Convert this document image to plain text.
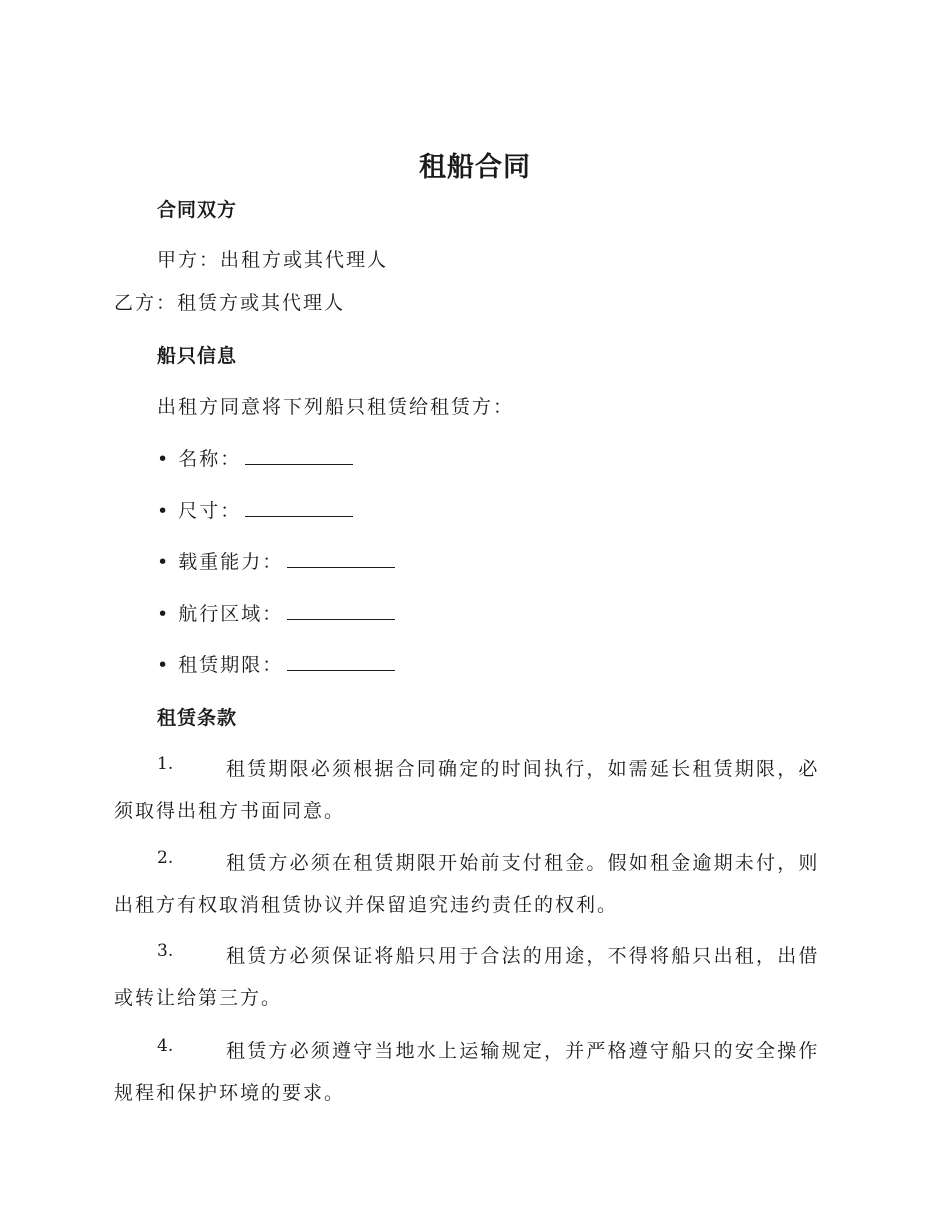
租船合同
合同双方
甲方：出租方或其代理人
乙方：租赁方或其代理人
船只信息
出租方同意将下列船只租赁给租赁方：
• 名称：
• 尺寸：
• 载重能力：
• 航行区域：
• 租赁期限：
租赁条款
1.	租赁期限必须根据合同确定的时间执行，如需延长租赁期限，必
须取得出租方书面同意。
2.	租赁方必须在租赁期限开始前支付租金。假如租金逾期未付，则
出租方有权取消租赁协议并保留追究违约责任的权利。
3.	租赁方必须保证将船只用于合法的用途，不得将船只出租，出借
或转让给第三方。
4.	租赁方必须遵守当地水上运输规定，并严格遵守船只的安全操作
规程和保护环境的要求。
